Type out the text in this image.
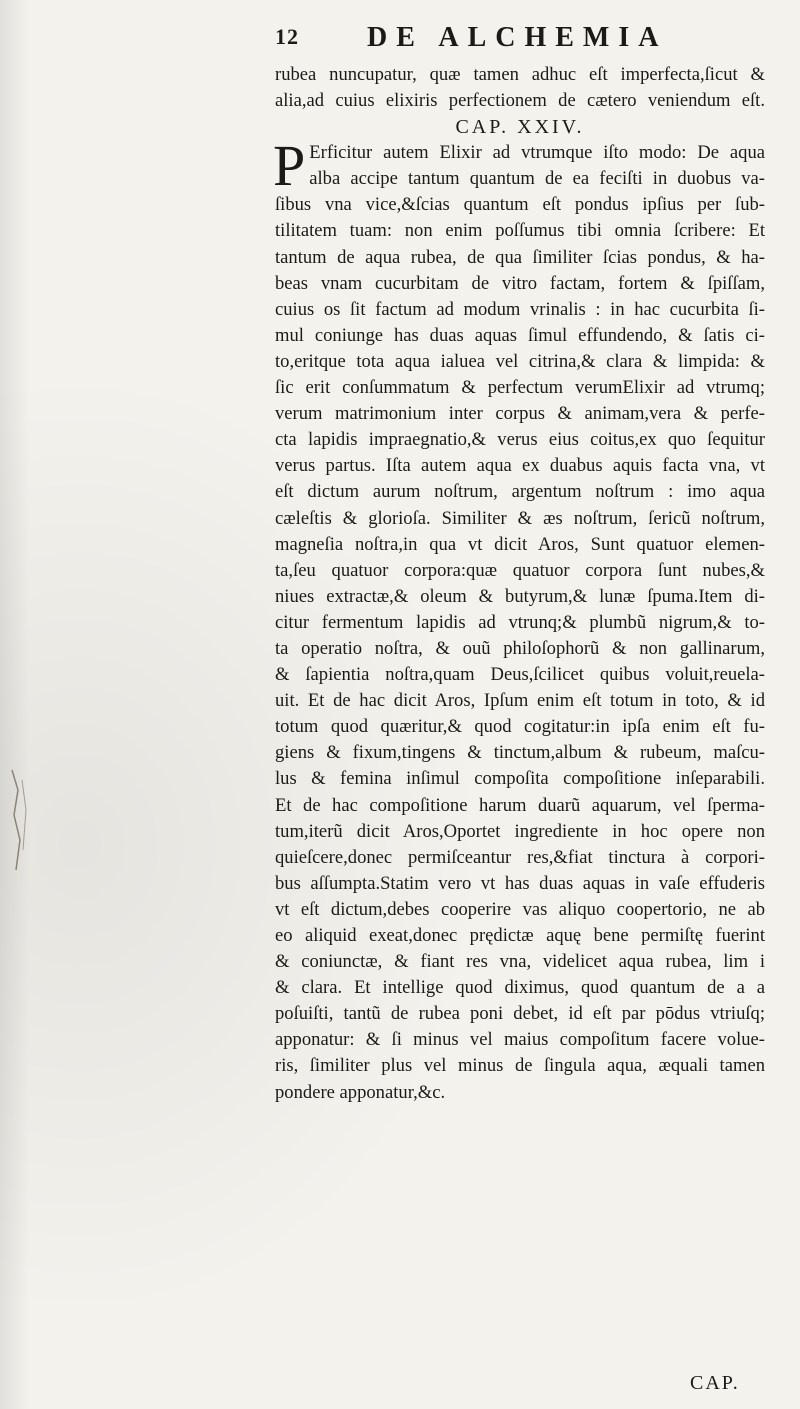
12 DE ALCHEMIA
rubea nuncupatur, quæ tamen adhuc eſt imperfecta,ſicut &
alia,ad cuius elixiris perfectionem de cætero veniendum eſt.
CAP. XXIV.
P Erficitur autem Elixir ad vtrumque iſto modo: De aqua
alba accipe tantum quantum de ea feciſti in duobus va-
ſibus vna vice,&ſcias quantum eſt pondus ipſius per ſub-
tilitatem tuam: non enim poſſumus tibi omnia ſcribere: Et
tantum de aqua rubea, de qua ſimiliter ſcias pondus, & ha-
beas vnam cucurbitam de vitro factam, fortem & ſpiſſam,
cuius os ſit factum ad modum vrinalis : in hac cucurbita ſi-
mul coniunge has duas aquas ſimul effundendo, & ſatis ci-
to,eritque tota aqua ialuea vel citrina,& clara & limpida: &
ſic erit conſummatum & perfectum verumElixir ad vtrumq;
verum matrimonium inter corpus & animam,vera & perfe-
cta lapidis impraegnatio,& verus eius coitus,ex quo ſequitur
verus partus. Iſta autem aqua ex duabus aquis facta vna, vt
eſt dictum aurum noſtrum, argentum noſtrum : imo aqua
cæleſtis & glorioſa. Similiter & æs noſtrum, ſericũ noſtrum,
magneſia noſtra,in qua vt dicit Aros, Sunt quatuor elemen-
ta,ſeu quatuor corpora:quæ quatuor corpora ſunt nubes,&
niues extractæ,& oleum & butyrum,& lunæ ſpuma.Item di-
citur fermentum lapidis ad vtrunq;& plumbũ nigrum,& to-
ta operatio noſtra, & ouũ philoſophorũ & non gallinarum,
& ſapientia noſtra,quam Deus,ſcilicet quibus voluit,reuela-
uit. Et de hac dicit Aros, Ipſum enim eſt totum in toto, & id
totum quod quæritur,& quod cogitatur:in ipſa enim eſt fu-
giens & fixum,tingens & tinctum,album & rubeum, maſcu-
lus & femina inſimul compoſita compoſitione inſeparabili.
Et de hac compoſitione harum duarũ aquarum, vel ſperma-
tum,iterũ dicit Aros,Oportet ingrediente in hoc opere non
quieſcere,donec permiſceantur res,&fiat tinctura à corpori-
bus aſſumpta.Statim vero vt has duas aquas in vaſe effuderis
vt eſt dictum,debes cooperire vas aliquo coopertorio, ne ab
eo aliquid exeat,donec prędictæ aquę bene permiſtę fuerint
& coniunctæ, & fiant res vna, videlicet aqua rubea, lim i
& clara. Et intellige quod diximus, quod quantum de a a
poſuiſti, tantũ de rubea poni debet, id eſt par pōdus vtriuſq;
apponatur: & ſi minus vel maius compoſitum facere volue-
ris, ſimiliter plus vel minus de ſingula aqua, æquali tamen
pondere apponatur,&c.
CAP.
